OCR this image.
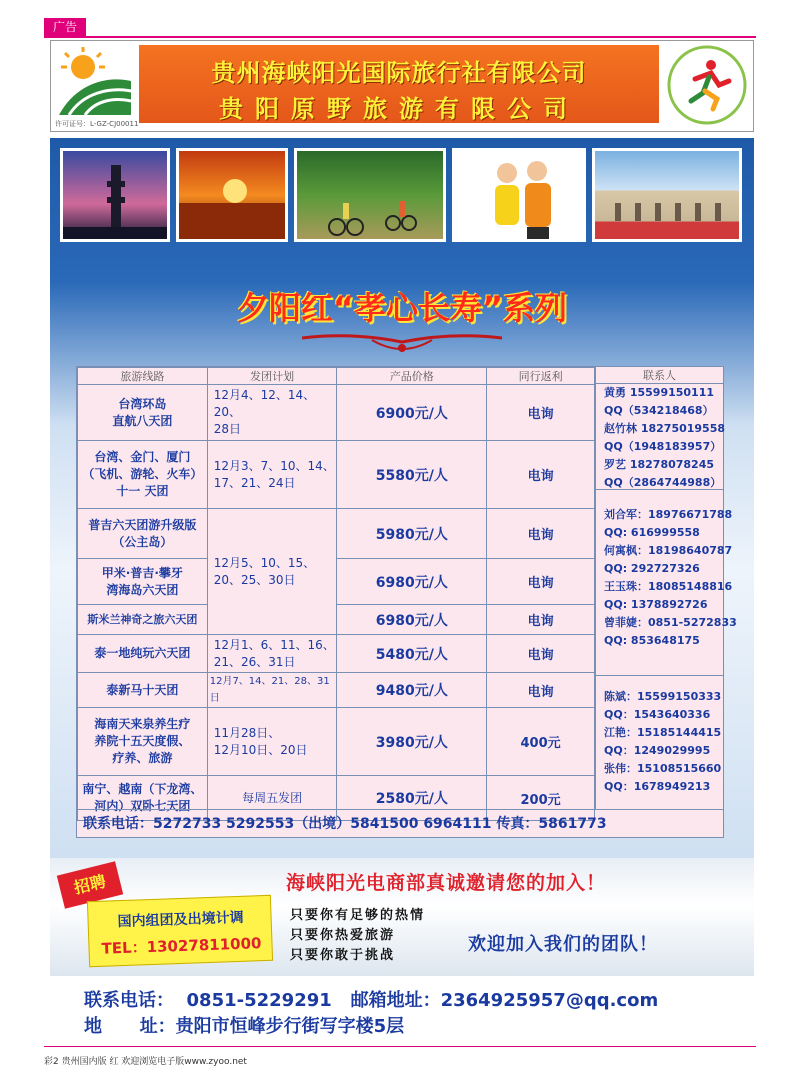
广告
许可证号：L-GZ-CJ00011
贵州海峡阳光国际旅行社有限公司
贵阳原野旅游有限公司
夕阳红“孝心长寿”系列
旅游线路	发团计划	产品价格	同行返利
台湾环岛
直航八天团	12月4、12、14、20、
28日	6900元/人	电询
台湾、金门、厦门
（飞机、游轮、火车）
十一 天团	12月3、7、10、14、
17、21、24日	5580元/人	电询
普吉六天团游升级版
（公主岛）	12月5、10、15、
20、25、30日	5980元/人	电询
甲米·普吉·攀牙
湾海岛六天团		6980元/人	电询
斯米兰神奇之旅六天团		6980元/人	电询
泰一地纯玩六天团	12月1、6、11、16、
21、26、31日	5480元/人	电询
泰新马十天团	12月7、14、21、28、31日	9480元/人	电询
海南天来泉养生疗
养院十五天度假、
疗养、旅游	11月28日、
12月10日、20日	3980元/人	400元
南宁、越南（下龙湾、
河内）双卧七天团	每周五发团	2580元/人	200元
联系人
黄勇 15599150111
QQ（534218468）
赵竹林 18275019558
QQ（1948183957）
罗艺 18278078245
QQ（2864744988）
刘合军：18976671788
QQ: 616999558
何寓枫：18198640787
QQ: 292727326
王玉珠：18085148816
QQ: 1378892726
曾菲婕：0851-5272833
QQ: 853648175
陈斌：15599150333
QQ：1543640336
江艳：15185144415
QQ：1249029995
张伟：15108515660
QQ：1678949213
联系电话：5272733 5292553（出境）5841500 6964111 传真：5861773
招聘
国内组团及出境计调
TEL：13027811000
海峡阳光电商部真诚邀请您的加入！
只要你有足够的热情
只要你热爱旅游
只要你敢于挑战
欢迎加入我们的团队！
联系电话：  0851-5229291   邮箱地址：2364925957@qq.com
地      址：贵阳市恒峰步行街写字楼5层
彩2 贵州国内版 红 欢迎浏览电子版www.zyoo.net
